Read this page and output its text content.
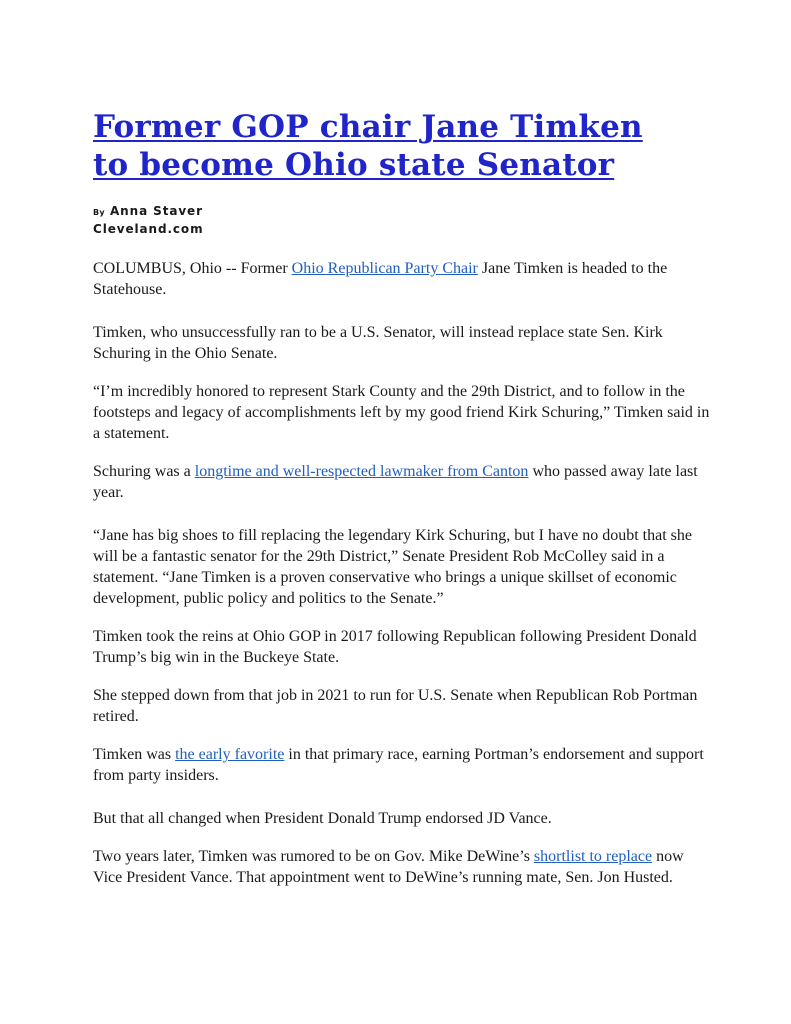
Former GOP chair Jane Timken
to become Ohio state Senator
By Anna Staver
Cleveland.com

COLUMBUS, Ohio -- Former Ohio Republican Party Chair Jane Timken is headed to the Statehouse.

Timken, who unsuccessfully ran to be a U.S. Senator, will instead replace state Sen. Kirk Schuring in the Ohio Senate.

“I’m incredibly honored to represent Stark County and the 29th District, and to follow in the footsteps and legacy of accomplishments left by my good friend Kirk Schuring,” Timken said in a statement.

Schuring was a longtime and well-respected lawmaker from Canton who passed away late last year.

“Jane has big shoes to fill replacing the legendary Kirk Schuring, but I have no doubt that she will be a fantastic senator for the 29th District,” Senate President Rob McColley said in a statement. “Jane Timken is a proven conservative who brings a unique skillset of economic development, public policy and politics to the Senate.”

Timken took the reins at Ohio GOP in 2017 following Republican following President Donald Trump’s big win in the Buckeye State.

She stepped down from that job in 2021 to run for U.S. Senate when Republican Rob Portman retired.

Timken was the early favorite in that primary race, earning Portman’s endorsement and support from party insiders.

But that all changed when President Donald Trump endorsed JD Vance.

Two years later, Timken was rumored to be on Gov. Mike DeWine’s shortlist to replace now Vice President Vance. That appointment went to DeWine’s running mate, Sen. Jon Husted.
